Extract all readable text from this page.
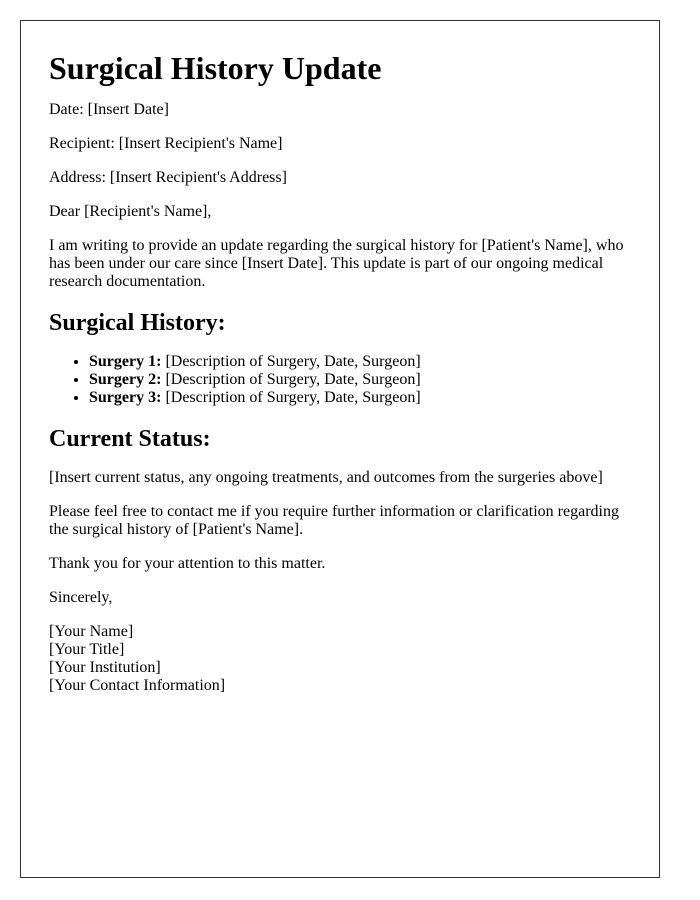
Surgical History Update

Date: [Insert Date]

Recipient: [Insert Recipient's Name]

Address: [Insert Recipient's Address]

Dear [Recipient's Name],

I am writing to provide an update regarding the surgical history for [Patient's Name], who has been under our care since [Insert Date]. This update is part of our ongoing medical research documentation.

Surgical History:
• Surgery 1: [Description of Surgery, Date, Surgeon]
• Surgery 2: [Description of Surgery, Date, Surgeon]
• Surgery 3: [Description of Surgery, Date, Surgeon]
Current Status:

[Insert current status, any ongoing treatments, and outcomes from the surgeries above]

Please feel free to contact me if you require further information or clarification regarding the surgical history of [Patient's Name].

Thank you for your attention to this matter.

Sincerely,

[Your Name]
[Your Title]
[Your Institution]
[Your Contact Information]
